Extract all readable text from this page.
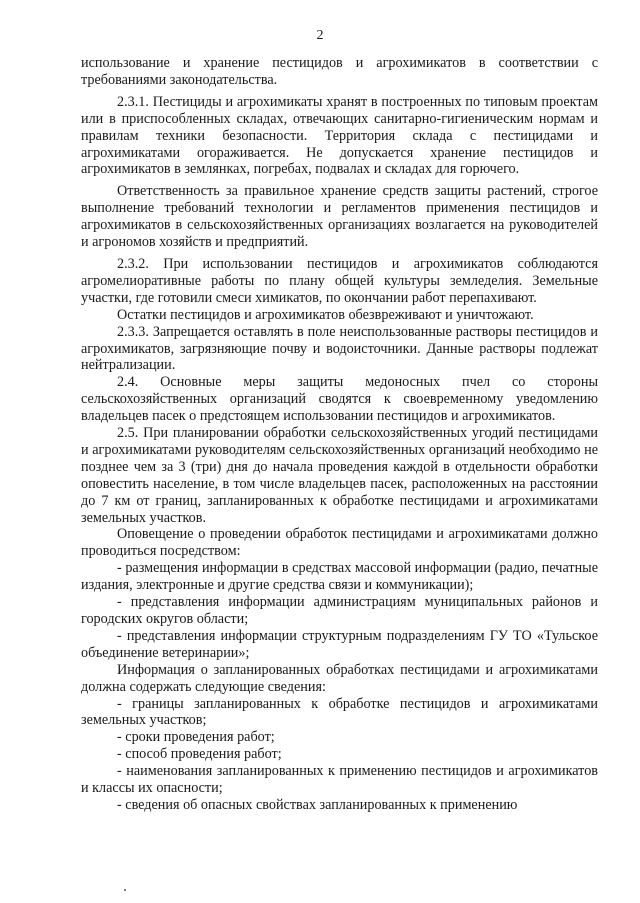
2

использование и хранение пестицидов и агрохимикатов в соответствии с требованиями законодательства.

2.3.1. Пестициды и агрохимикаты хранят в построенных по типовым проектам или в приспособленных складах, отвечающих санитарно-гигиеническим нормам и правилам техники безопасности. Территория склада с пестицидами и агрохимикатами огораживается. Не допускается хранение пестицидов и агрохимикатов в землянках, погребах, подвалах и складах для горючего.

Ответственность за правильное хранение средств защиты растений, строгое выполнение требований технологии и регламентов применения пестицидов и агрохимикатов в сельскохозяйственных организациях возлагается на руководителей и агрономов хозяйств и предприятий.

2.3.2. При использовании пестицидов и агрохимикатов соблюдаются агромелиоративные работы по плану общей культуры земледелия. Земельные участки, где готовили смеси химикатов, по окончании работ перепахивают.

Остатки пестицидов и агрохимикатов обезвреживают и уничтожают.

2.3.3. Запрещается оставлять в поле неиспользованные растворы пестицидов и агрохимикатов, загрязняющие почву и водоисточники. Данные растворы подлежат нейтрализации.

2.4. Основные меры защиты медоносных пчел со стороны сельскохозяйственных организаций сводятся к своевременному уведомлению владельцев пасек о предстоящем использовании пестицидов и агрохимикатов.

2.5. При планировании обработки сельскохозяйственных угодий пестицидами и агрохимикатами руководителям сельскохозяйственных организаций необходимо не позднее чем за 3 (три) дня до начала проведения каждой в отдельности обработки оповестить население, в том числе владельцев пасек, расположенных на расстоянии до 7 км от границ, запланированных к обработке пестицидами и агрохимикатами земельных участков.

Оповещение о проведении обработок пестицидами и агрохимикатами должно проводиться посредством:

- размещения информации в средствах массовой информации (радио, печатные издания, электронные и другие средства связи и коммуникации);

- представления информации администрациям муниципальных районов и городских округов области;

- представления информации структурным подразделениям ГУ ТО «Тульское объединение ветеринарии»;

Информация о запланированных обработках пестицидами и агрохимикатами должна содержать следующие сведения:

- границы запланированных к обработке пестицидов и агрохимикатами земельных участков;

- сроки проведения работ;

- способ проведения работ;

- наименования запланированных к применению пестицидов и агрохимикатов и классы их опасности;

- сведения об опасных свойствах запланированных к применению
